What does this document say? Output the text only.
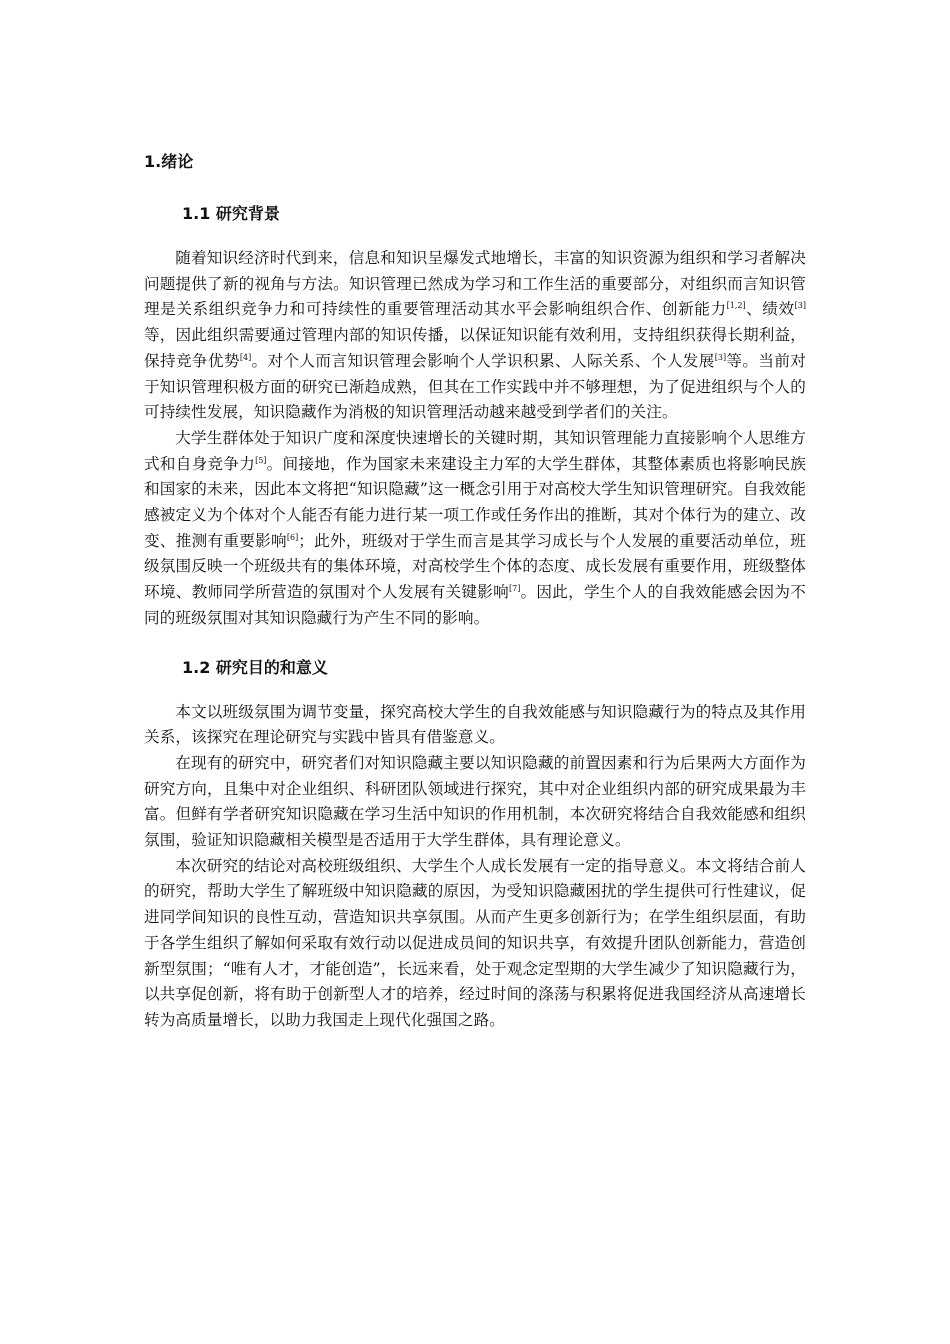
1.绪论
1.1 研究背景

随着知识经济时代到来，信息和知识呈爆发式地增长，丰富的知识资源为组织和学习者解决问题提供了新的视角与方法。知识管理已然成为学习和工作生活的重要部分，对组织而言知识管理是关系组织竞争力和可持续性的重要管理活动其水平会影响组织合作、创新能力[1,2]、绩效[3]等，因此组织需要通过管理内部的知识传播，以保证知识能有效利用，支持组织获得长期利益，保持竞争优势[4]。对个人而言知识管理会影响个人学识积累、人际关系、个人发展[3]等。当前对于知识管理积极方面的研究已渐趋成熟，但其在工作实践中并不够理想，为了促进组织与个人的可持续性发展，知识隐藏作为消极的知识管理活动越来越受到学者们的关注。

大学生群体处于知识广度和深度快速增长的关键时期，其知识管理能力直接影响个人思维方式和自身竞争力[5]。间接地，作为国家未来建设主力军的大学生群体，其整体素质也将影响民族和国家的未来，因此本文将把“知识隐藏”这一概念引用于对高校大学生知识管理研究。自我效能感被定义为个体对个人能否有能力进行某一项工作或任务作出的推断，其对个体行为的建立、改变、推测有重要影响[6]；此外，班级对于学生而言是其学习成长与个人发展的重要活动单位，班级氛围反映一个班级共有的集体环境，对高校学生个体的态度、成长发展有重要作用，班级整体环境、教师同学所营造的氛围对个人发展有关键影响[7]。因此，学生个人的自我效能感会因为不同的班级氛围对其知识隐藏行为产生不同的影响。

1.2 研究目的和意义

本文以班级氛围为调节变量，探究高校大学生的自我效能感与知识隐藏行为的特点及其作用关系，该探究在理论研究与实践中皆具有借鉴意义。

在现有的研究中，研究者们对知识隐藏主要以知识隐藏的前置因素和行为后果两大方面作为研究方向，且集中对企业组织、科研团队领域进行探究，其中对企业组织内部的研究成果最为丰富。但鲜有学者研究知识隐藏在学习生活中知识的作用机制，本次研究将结合自我效能感和组织氛围，验证知识隐藏相关模型是否适用于大学生群体，具有理论意义。

本次研究的结论对高校班级组织、大学生个人成长发展有一定的指导意义。本文将结合前人的研究，帮助大学生了解班级中知识隐藏的原因，为受知识隐藏困扰的学生提供可行性建议，促进同学间知识的良性互动，营造知识共享氛围。从而产生更多创新行为；在学生组织层面，有助于各学生组织了解如何采取有效行动以促进成员间的知识共享，有效提升团队创新能力，营造创新型氛围；“唯有人才，才能创造”，长远来看，处于观念定型期的大学生减少了知识隐藏行为，以共享促创新，将有助于创新型人才的培养，经过时间的涤荡与积累将促进我国经济从高速增长转为高质量增长，以助力我国走上现代化强国之路。
